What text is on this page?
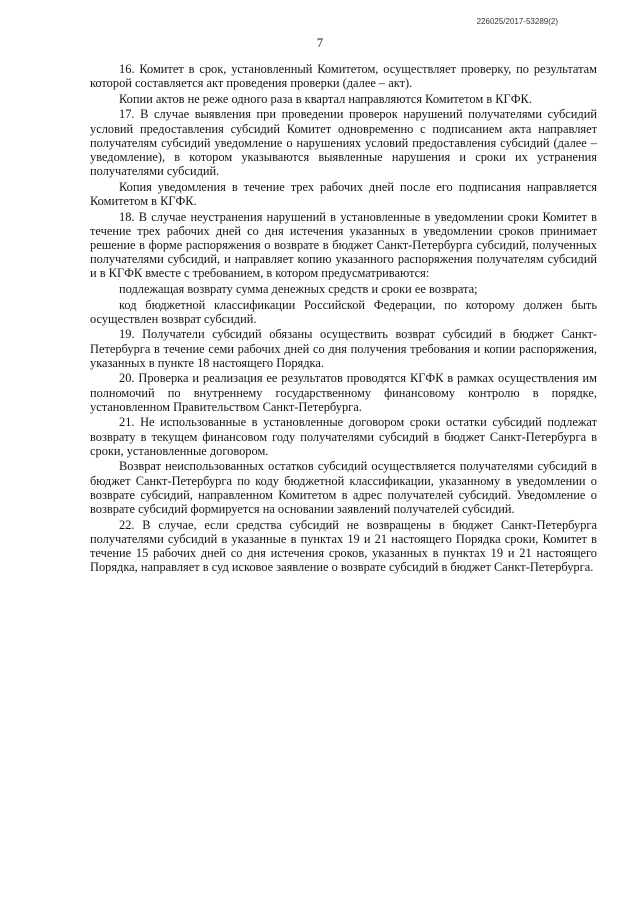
226025/2017-53289(2)
7

16. Комитет в срок, установленный Комитетом, осуществляет проверку, по результатам которой составляется акт проведения проверки (далее – акт).

Копии актов не реже одного раза в квартал направляются Комитетом в КГФК.

17. В случае выявления при проведении проверок нарушений получателями субсидий условий предоставления субсидий Комитет одновременно с подписанием акта направляет получателям субсидий уведомление о нарушениях условий предоставления субсидий (далее – уведомление), в котором указываются выявленные нарушения и сроки их устранения получателями субсидий.

Копия уведомления в течение трех рабочих дней после его подписания направляется Комитетом в КГФК.

18. В случае неустранения нарушений в установленные в уведомлении сроки Комитет в течение трех рабочих дней со дня истечения указанных в уведомлении сроков принимает решение в форме распоряжения о возврате в бюджет Санкт-Петербурга субсидий, полученных получателями субсидий, и направляет копию указанного распоряжения получателям субсидий и в КГФК вместе с требованием, в котором предусматриваются:

подлежащая возврату сумма денежных средств и сроки ее возврата;

код бюджетной классификации Российской Федерации, по которому должен быть осуществлен возврат субсидий.

19. Получатели субсидий обязаны осуществить возврат субсидий в бюджет Санкт-Петербурга в течение семи рабочих дней со дня получения требования и копии распоряжения, указанных в пункте 18 настоящего Порядка.

20. Проверка и реализация ее результатов проводятся КГФК в рамках осуществления им полномочий по внутреннему государственному финансовому контролю в порядке, установленном Правительством Санкт-Петербурга.

21. Не использованные в установленные договором сроки остатки субсидий подлежат возврату в текущем финансовом году получателями субсидий в бюджет Санкт-Петербурга в сроки, установленные договором.

Возврат неиспользованных остатков субсидий осуществляется получателями субсидий в бюджет Санкт-Петербурга по коду бюджетной классификации, указанному в уведомлении о возврате субсидий, направленном Комитетом в адрес получателей субсидий. Уведомление о возврате субсидий формируется на основании заявлений получателей субсидий.

22. В случае, если средства субсидий не возвращены в бюджет Санкт-Петербурга получателями субсидий в указанные в пунктах 19 и 21 настоящего Порядка сроки, Комитет в течение 15 рабочих дней со дня истечения сроков, указанных в пунктах 19 и 21 настоящего Порядка, направляет в суд исковое заявление о возврате субсидий в бюджет Санкт-Петербурга.
